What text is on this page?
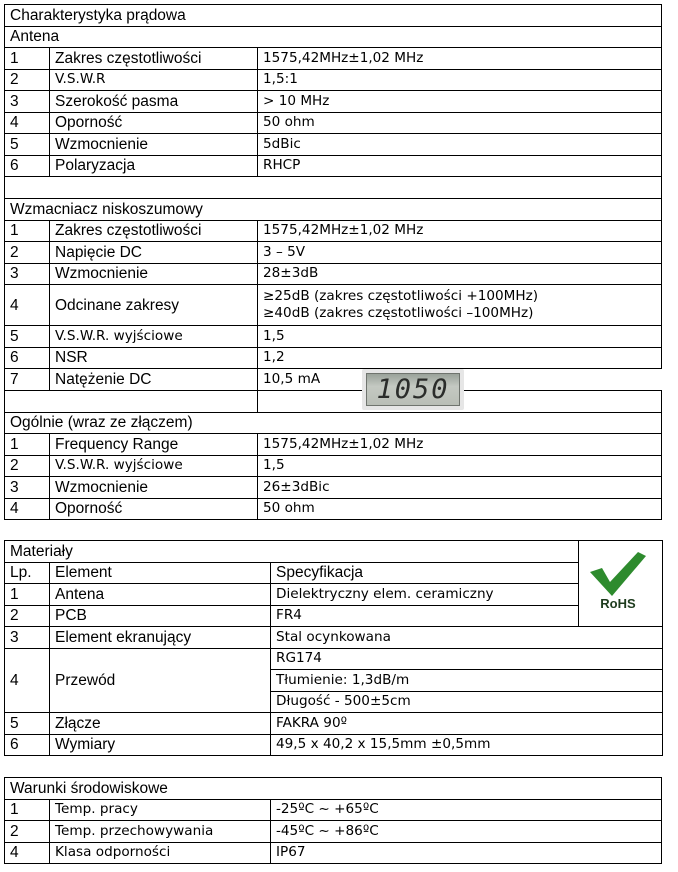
Charakterystyka prądowa		
Antena		
1	Zakres częstotliwości	1575,42MHz±1,02 MHz
2	V.S.W.R	1,5:1
3	Szerokość pasma	> 10 MHz
4	Oporność	50 ohm
5	Wzmocnienie	5dBic
6	Polaryzacja	RHCP

Wzmacniacz niskoszumowy		
1	Zakres częstotliwości	1575,42MHz±1,02 MHz
2	Napięcie DC	3 – 5V
3	Wzmocnienie	28±3dB
4	Odcinane zakresy	≥25dB (zakres częstotliwości +100MHz)
≥40dB (zakres częstotliwości –100MHz)

5	V.S.W.R. wyjściowe	1,5
6	NSR	1,2
7	Natężenie DC	10,5 mA

Ogólnie (wraz ze złączem)		
1	Frequency Range	1575,42MHz±1,02 MHz
2	V.S.W.R. wyjściowe	1,5
3	Wzmocnienie	26±3dBic
4	Oporność	50 ohm
1050
Materiały			
Lp.	Element	Specyfikacja	
1	Antena	Dielektryczny elem. ceramiczny	
2	PCB	FR4	
3	Element ekranujący	Stal ocynkowana	
4	Przewód	RG174	
		Tłumienie: 1,3dB/m	
		Długość - 500±5cm	
5	Złącze	FAKRA 90º	
6	Wymiary	49,5 x 40,2 x 15,5mm ±0,5mm	
RoHS
Warunki środowiskowe		
1	Temp. pracy	-25ºC ~ +65ºC
2	Temp. przechowywania	-45ºC ~ +86ºC
4	Klasa odporności	IP67
